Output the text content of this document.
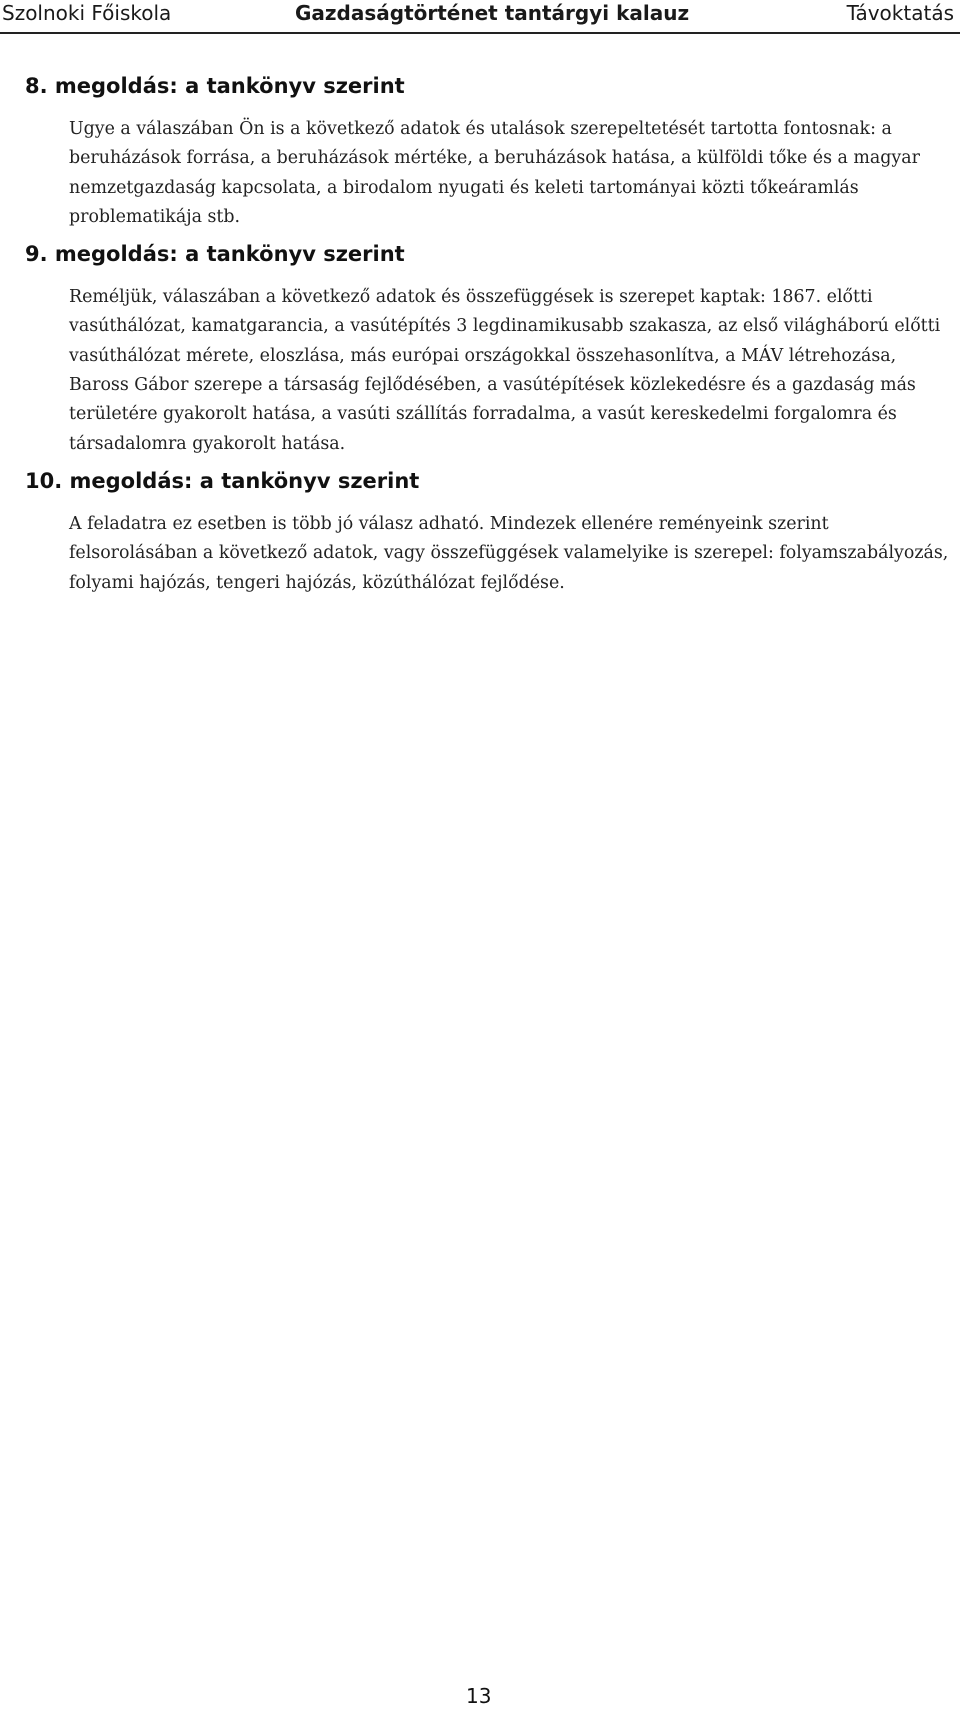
Szolnoki Főiskola	Gazdaságtörténet tantárgyi kalauz	Távoktatás
8. megoldás: a tankönyv szerint

Ugye a válaszában Ön is a következő adatok és utalások szerepeltetését tartotta fontosnak: a beruházások forrása, a beruházások mértéke, a beruházások hatása, a külföldi tőke és a magyar nemzetgazdaság kapcsolata, a birodalom nyugati és keleti tartományai közti tőkeáramlás problematikája stb.

9. megoldás: a tankönyv szerint

Reméljük, válaszában a következő adatok és összefüggések is szerepet kaptak: 1867. előtti vasúthálózat, kamatgarancia, a vasútépítés 3 legdinamikusabb szakasza, az első világháború előtti vasúthálózat mérete, eloszlása, más európai országokkal összehasonlítva, a MÁV létrehozása, Baross Gábor szerepe a társaság fejlődésében, a vasútépítések közlekedésre és a gazdaság más területére gyakorolt hatása, a vasúti szállítás forradalma, a vasút kereskedelmi forgalomra és társadalomra gyakorolt hatása.

10. megoldás: a tankönyv szerint

A feladatra ez esetben is több jó válasz adható. Mindezek ellenére reményeink szerint felsorolásában a következő adatok, vagy összefüggések valamelyike is szerepel: folyamszabályozás, folyami hajózás, tengeri hajózás, közúthálózat fejlődése.

13
